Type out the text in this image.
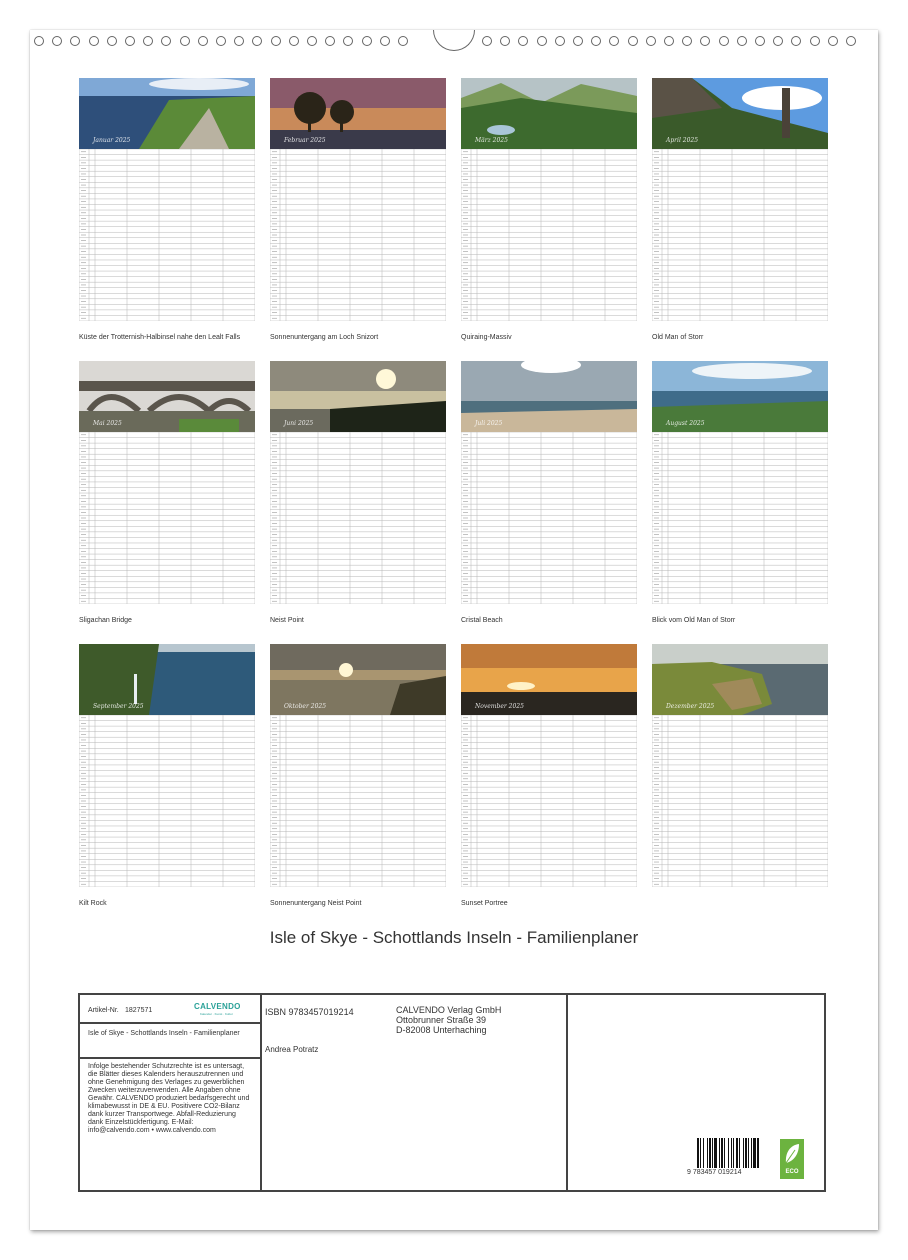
Januar 2025
Küste der Trotternish-Halbinsel nahe den Lealt Falls
Februar 2025
Sonnenuntergang am Loch Snizort
März 2025
Quiraing-Massiv
April 2025
Old Man of Storr
Mai 2025
Sligachan Bridge
Juni 2025
Neist Point
Juli 2025
Cristal Beach
August 2025
Blick vom Old Man of Storr
September 2025
Kilt Rock
Oktober 2025
Sonnenuntergang Neist Point
November 2025
Sunset Portree
Dezember 2025
Isle of Skye - Schottlands Inseln - Familienplaner
Artikel-Nr. 1827571	CALVENDO
Kalender · Kunst · Kultur
Isle of Skye - Schottlands Inseln - Familienplaner
Infolge bestehender Schutzrechte ist es untersagt, die Blätter dieses Kalenders herauszutrennen und ohne Genehmigung des Verlages zu gewerblichen Zwecken weiterzuverwenden. Alle Angaben ohne Gewähr. CALVENDO produziert bedarfsgerecht und klimabewusst in DE & EU. Positivere CO2-Bilanz dank kurzer Transportwege. Abfall-Reduzierung dank Einzelstückfertigung. E-Mail: info@calvendo.com • www.calvendo.com
ISBN 9783457019214
Andrea Potratz
CALVENDO Verlag GmbH
Ottobrunner Straße 39
D-82008 Unterhaching
9 783457 019214	ECO
